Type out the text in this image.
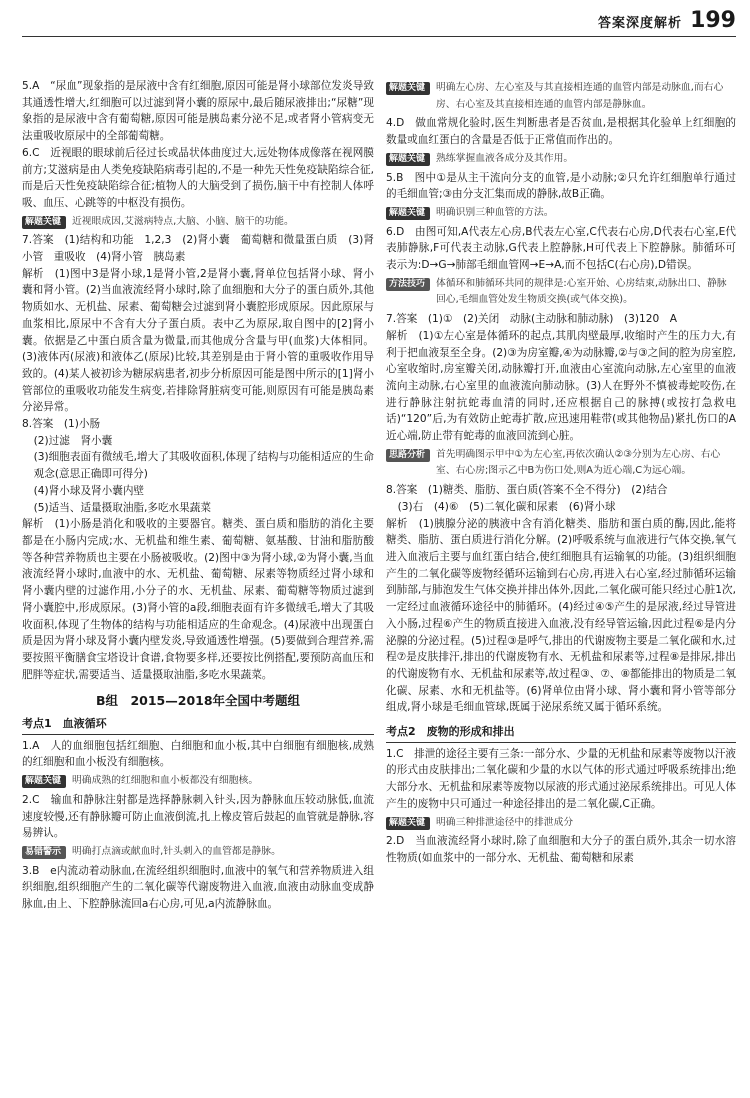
答案深度解析 199

5.A　“尿血”现象指的是尿液中含有红细胞,原因可能是肾小球部位发炎导致其通透性增大,红细胞可以过滤到肾小囊的原尿中,最后随尿液排出;“尿糖”现象指的是尿液中含有葡萄糖,原因可能是胰岛素分泌不足,或者肾小管病变无法重吸收原尿中的全部葡萄糖。

6.C　近视眼的眼球前后径过长或晶状体曲度过大,远处物体成像落在视网膜前方;艾滋病是由人类免疫缺陷病毒引起的,不是一种先天性免疫缺陷综合征,而是后天性免疫缺陷综合征;植物人的大脑受到了损伤,脑干中有控制人体呼吸、血压、心跳等的中枢没有损伤。

解题关键	近视眼成因,艾滋病特点,大脑、小脑、脑干的功能。

7.答案　(1)结构和功能　1,2,3　(2)肾小囊　葡萄糖和微量蛋白质　(3)肾小管　重吸收　(4)肾小管　胰岛素

解析　(1)图中3是肾小球,1是肾小管,2是肾小囊,肾单位包括肾小球、肾小囊和肾小管。(2)当血液流经肾小球时,除了血细胞和大分子的蛋白质外,其他物质如水、无机盐、尿素、葡萄糖会过滤到肾小囊腔形成原尿。因此原尿与血浆相比,原尿中不含有大分子蛋白质。表中乙为原尿,取自图中的[2]肾小囊。依据是乙中蛋白质含量为微量,而其他成分含量与甲(血浆)大体相同。(3)液体丙(尿液)和液体乙(原尿)比较,其差别是由于肾小管的重吸收作用导致的。(4)某人被初诊为糖尿病患者,初步分析原因可能是图中所示的[1]肾小管部位的重吸收功能发生病变,若排除肾脏病变可能,则原因有可能是胰岛素分泌异常。

8.答案　(1)小肠

(2)过滤　肾小囊

(3)细胞表面有微绒毛,增大了其吸收面积,体现了结构与功能相适应的生命观念(意思正确即可得分)

(4)肾小球及肾小囊内壁

(5)适当、适量摄取油脂,多吃水果蔬菜

解析　(1)小肠是消化和吸收的主要器官。糖类、蛋白质和脂肪的消化主要都是在小肠内完成;水、无机盐和维生素、葡萄糖、氨基酸、甘油和脂肪酸等各种营养物质也主要在小肠被吸收。(2)图中③为肾小球,②为肾小囊,当血液流经肾小球时,血液中的水、无机盐、葡萄糖、尿素等物质经过肾小球和肾小囊内壁的过滤作用,小分子的水、无机盐、尿素、葡萄糖等物质过滤到肾小囊腔中,形成原尿。(3)肾小管的a段,细胞表面有许多微绒毛,增大了其吸收面积,体现了生物体的结构与功能相适应的生命观念。(4)尿液中出现蛋白质是因为肾小球及肾小囊内壁发炎,导致通透性增强。(5)要做到合理营养,需要按照平衡膳食宝塔设计食谱,食物要多样,还要按比例搭配,要预防高血压和肥胖等症状,需要适当、适量摄取油脂,多吃水果蔬菜。

B组　2015—2018年全国中考题组
考点1　血液循环

1.A　人的血细胞包括红细胞、白细胞和血小板,其中白细胞有细胞核,成熟的红细胞和血小板没有细胞核。

解题关键	明确成熟的红细胞和血小板都没有细胞核。

2.C　输血和静脉注射都是选择静脉刺入针头,因为静脉血压较动脉低,血流速度较慢,还有静脉瓣可防止血液倒流,扎上橡皮管后鼓起的血管就是静脉,容易辨认。

易错警示	明确打点滴或献血时,针头刺入的血管都是静脉。

3.B　e内流动着动脉血,在流经组织细胞时,血液中的氧气和营养物质进入组织细胞,组织细胞产生的二氧化碳等代谢废物进入血液,血液由动脉血变成静脉血,由上、下腔静脉流回a右心房,可见,a内流静脉血。

解题关键	明确左心房、左心室及与其直接相连通的血管内部是动脉血,而右心房、右心室及其直接相连通的血管内部是静脉血。

4.D　做血常规化验时,医生判断患者是否贫血,是根据其化验单上红细胞的数量或血红蛋白的含量是否低于正常值而作出的。

解题关键	熟练掌握血液各成分及其作用。

5.B　图中①是从主干流向分支的血管,是小动脉;②只允许红细胞单行通过的毛细血管;③由分支汇集而成的静脉,故B正确。

解题关键	明确识别三种血管的方法。

6.D　由图可知,A代表左心房,B代表左心室,C代表右心房,D代表右心室,E代表肺静脉,F可代表主动脉,G代表上腔静脉,H可代表上下腔静脉。肺循环可表示为:D→G→肺部毛细血管网→E→A,而不包括C(右心房),D错误。

方法技巧	体循环和肺循环共同的规律是:心室开始、心房结束,动脉出口、静脉回心,毛细血管处发生物质交换(或气体交换)。

7.答案　(1)①　(2)关闭　动脉(主动脉和肺动脉)　(3)120　A

解析　(1)①左心室是体循环的起点,其肌肉壁最厚,收缩时产生的压力大,有利于把血液泵至全身。(2)③为房室瓣,④为动脉瓣,②与③之间的腔为房室腔,心室收缩时,房室瓣关闭,动脉瓣打开,血液由心室流向动脉,左心室里的血液流向主动脉,右心室里的血液流向肺动脉。(3)人在野外不慎被毒蛇咬伤,在进行静脉注射抗蛇毒血清的同时,还应根据自己的脉搏(或按打急救电话)“120”后,为有效防止蛇毒扩散,应迅速用鞋带(或其他物品)紧扎伤口的A近心端,防止带有蛇毒的血液回流到心脏。

思路分析	首先明确图示甲中①为左心室,再依次确认②③分别为左心房、右心室、右心房;图示乙中B为伤口处,则A为近心端,C为远心端。

8.答案　(1)糖类、脂肪、蛋白质(答案不全不得分)　(2)结合

(3)右　(4)⑥　(5)二氧化碳和尿素　(6)肾小球

解析　(1)胰腺分泌的胰液中含有消化糖类、脂肪和蛋白质的酶,因此,能将糖类、脂肪、蛋白质进行消化分解。(2)呼吸系统与血液进行气体交换,氧气进入血液后主要与血红蛋白结合,使红细胞具有运输氧的功能。(3)组织细胞产生的二氧化碳等废物经循环运输到右心房,再进入右心室,经过肺循环运输到肺部,与肺泡发生气体交换并排出体外,因此,二氧化碳可能只经过心脏1次,一定经过血液循环途径中的肺循环。(4)经过④⑤产生的是尿液,经过导管进入小肠,过程⑥产生的物质直接进入血液,没有经导管运输,因此过程⑥是内分泌腺的分泌过程。(5)过程③是呼气,排出的代谢废物主要是二氧化碳和水,过程⑦是皮肤排汗,排出的代谢废物有水、无机盐和尿素等,过程⑧是排尿,排出的代谢废物有水、无机盐和尿素等,故过程③、⑦、⑧都能排出的物质是二氧化碳、尿素、水和无机盐等。(6)肾单位由肾小球、肾小囊和肾小管等部分组成,肾小球是毛细血管球,既属于泌尿系统又属于循环系统。

考点2　废物的形成和排出

1.C　排泄的途径主要有三条:一部分水、少量的无机盐和尿素等废物以汗液的形式由皮肤排出;二氧化碳和少量的水以气体的形式通过呼吸系统排出;绝大部分水、无机盐和尿素等废物以尿液的形式通过泌尿系统排出。可见人体产生的废物中只可通过一种途径排出的是二氧化碳,C正确。

解题关键	明确三种排泄途径中的排泄成分

2.D　当血液流经肾小球时,除了血细胞和大分子的蛋白质外,其余一切水溶性物质(如血浆中的一部分水、无机盐、葡萄糖和尿素
